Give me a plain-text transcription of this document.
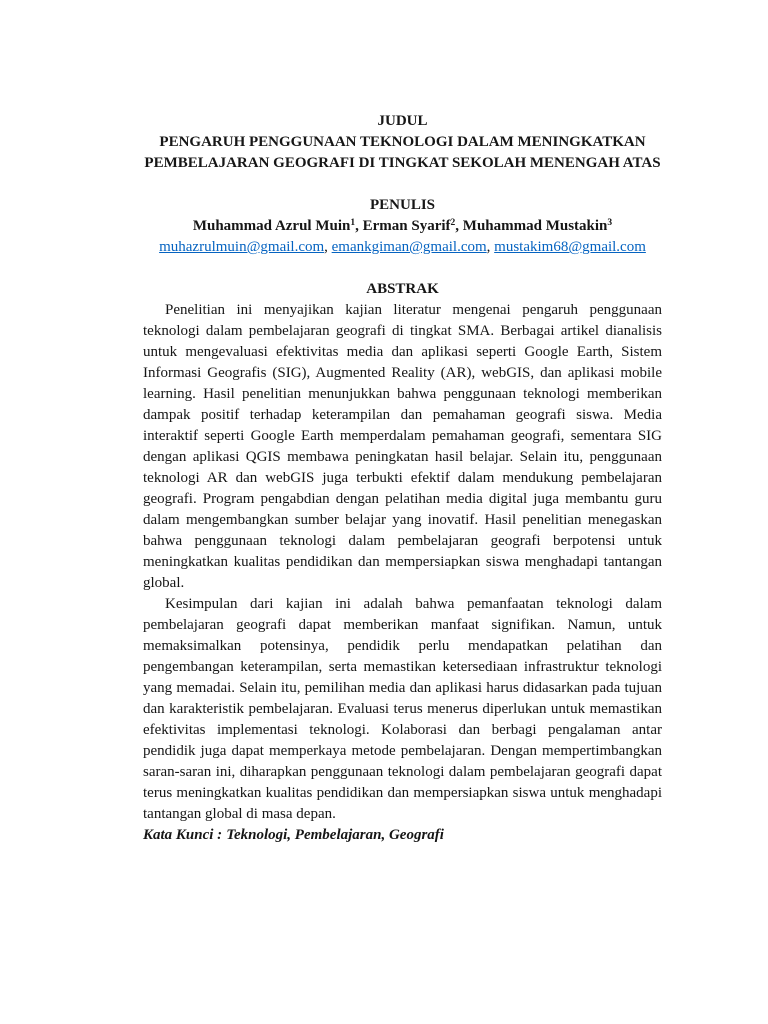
JUDUL
PENGARUH PENGGUNAAN TEKNOLOGI DALAM MENINGKATKAN
PEMBELAJARAN GEOGRAFI DI TINGKAT SEKOLAH MENENGAH ATAS
PENULIS
Muhammad Azrul Muin$^1$, Erman Syarif$^2$, Muhammad Mustakin$^3$
muhazrulmuin@gmail.com, emankgiman@gmail.com, mustakim68@gmail.com
ABSTRAK
Penelitian ini menyajikan kajian literatur mengenai pengaruh penggunaan
teknologi dalam pembelajaran geografi di tingkat SMA. Berbagai artikel dianalisis
untuk mengevaluasi efektivitas media dan aplikasi seperti Google Earth, Sistem
Informasi Geografis (SIG), Augmented Reality (AR), webGIS, dan aplikasi mobile
learning. Hasil penelitian menunjukkan bahwa penggunaan teknologi memberikan
dampak positif terhadap keterampilan dan pemahaman geografi siswa. Media
interaktif seperti Google Earth memperdalam pemahaman geografi, sementara SIG
dengan aplikasi QGIS membawa peningkatan hasil belajar. Selain itu, penggunaan
teknologi AR dan webGIS juga terbukti efektif dalam mendukung pembelajaran
geografi. Program pengabdian dengan pelatihan media digital juga membantu guru
dalam mengembangkan sumber belajar yang inovatif. Hasil penelitian menegaskan
bahwa penggunaan teknologi dalam pembelajaran geografi berpotensi untuk
meningkatkan kualitas pendidikan dan mempersiapkan siswa menghadapi tantangan
global.
Kesimpulan dari kajian ini adalah bahwa pemanfaatan teknologi dalam
pembelajaran geografi dapat memberikan manfaat signifikan. Namun, untuk
memaksimalkan potensinya, pendidik perlu mendapatkan pelatihan dan
pengembangan keterampilan, serta memastikan ketersediaan infrastruktur teknologi
yang memadai. Selain itu, pemilihan media dan aplikasi harus didasarkan pada tujuan
dan karakteristik pembelajaran. Evaluasi terus menerus diperlukan untuk memastikan
efektivitas implementasi teknologi. Kolaborasi dan berbagi pengalaman antar
pendidik juga dapat memperkaya metode pembelajaran. Dengan mempertimbangkan
saran-saran ini, diharapkan penggunaan teknologi dalam pembelajaran geografi dapat
terus meningkatkan kualitas pendidikan dan mempersiapkan siswa untuk menghadapi
tantangan global di masa depan.
Kata Kunci : Teknologi, Pembelajaran, Geografi
